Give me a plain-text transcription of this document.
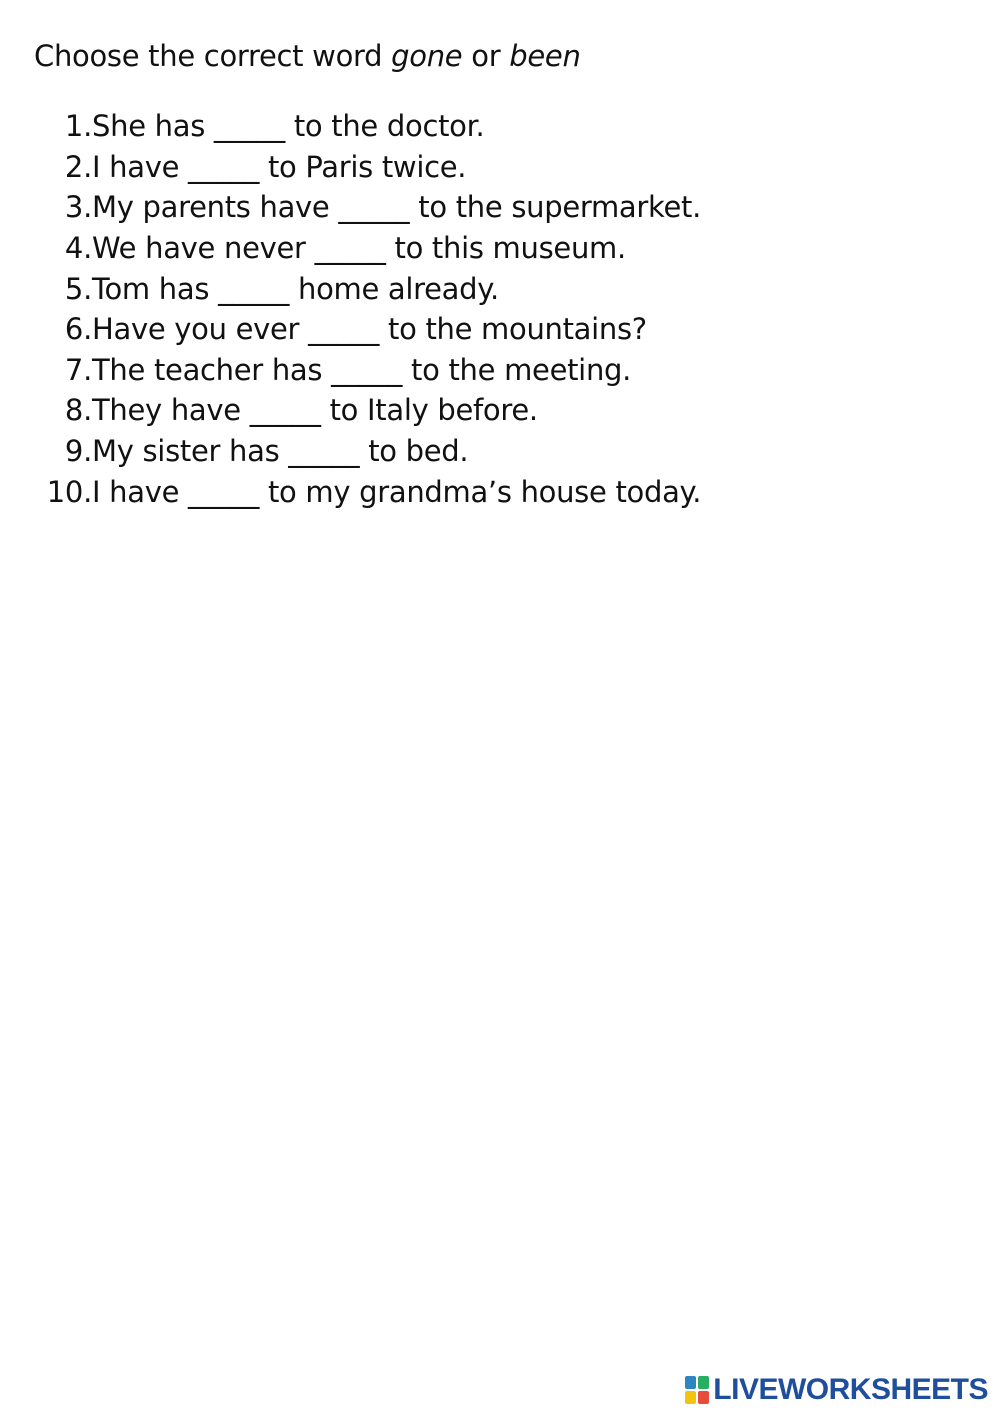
Choose the correct word gone or been
1. She has _____ to the doctor.
2. I have _____ to Paris twice.
3. My parents have _____ to the supermarket.
4. We have never _____ to this museum.
5. Tom has _____ home already.
6. Have you ever _____ to the mountains?
7. The teacher has _____ to the meeting.
8. They have _____ to Italy before.
9. My sister has _____ to bed.
10. I have _____ to my grandma’s house today.
LIVEWORKSHEETS
